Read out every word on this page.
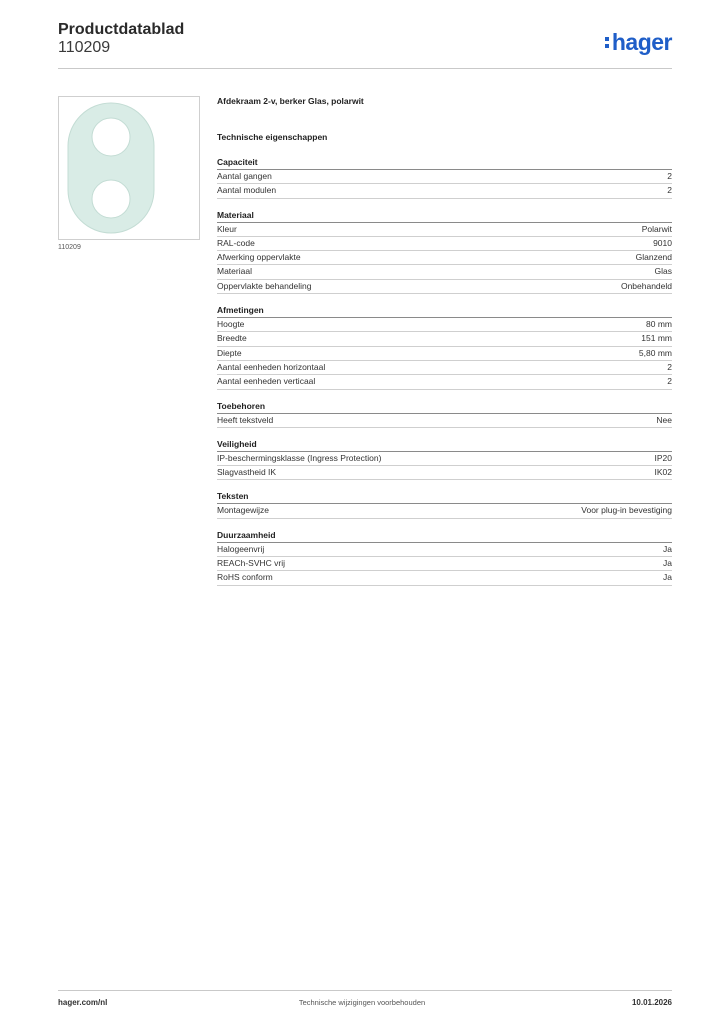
Productdatablad
110209	hager
110209
Afdekraam 2-v, berker Glas, polarwit
Technische eigenschappen
Capaciteit
Aantal gangen	2
Aantal modulen	2
Materiaal
Kleur	Polarwit
RAL-code	9010
Afwerking oppervlakte	Glanzend
Materiaal	Glas
Oppervlakte behandeling	Onbehandeld
Afmetingen
Hoogte	80 mm
Breedte	151 mm
Diepte	5,80 mm
Aantal eenheden horizontaal	2
Aantal eenheden verticaal	2
Toebehoren
Heeft tekstveld	Nee
Veiligheid
IP-beschermingsklasse (Ingress Protection)	IP20
Slagvastheid IK	IK02
Teksten
Montagewijze	Voor plug-in bevestiging
Duurzaamheid
Halogeenvrij	Ja
REACh-SVHC vrij	Ja
RoHS conform	Ja
hager.com/nl	Technische wijzigingen voorbehouden	10.01.2026
